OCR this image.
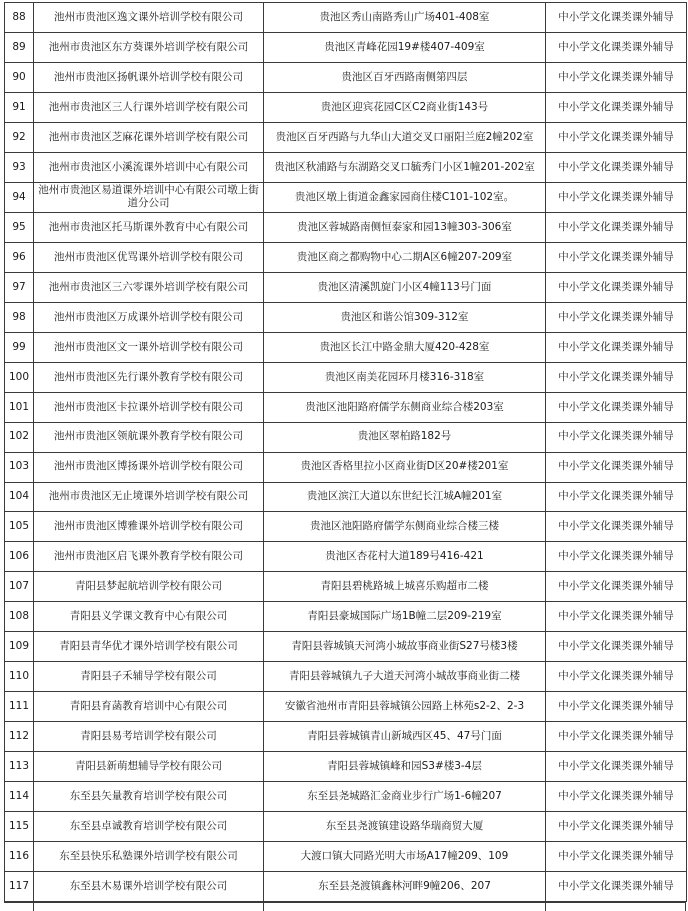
88	池州市贵池区逸文课外培训学校有限公司	贵池区秀山南路秀山广场401-408室	中小学文化课类课外辅导
89	池州市贵池区东方葵课外培训学校有限公司	贵池区青峰花园19#楼407-409室	中小学文化课类课外辅导
90	池州市贵池区扬帆课外培训学校有限公司	贵池区百牙西路南侧第四层	中小学文化课类课外辅导
91	池州市贵池区三人行课外培训学校有限公司	贵池区迎宾花园C区C2商业街143号	中小学文化课类课外辅导
92	池州市贵池区芝麻花课外培训学校有限公司	贵池区百牙西路与九华山大道交叉口丽阳兰庭2幢202室	中小学文化课类课外辅导
93	池州市贵池区小溪流课外培训中心有限公司	贵池区秋浦路与东湖路交叉口毓秀门小区1幢201-202室	中小学文化课类课外辅导
94	池州市贵池区易道课外培训中心有限公司墩上街道分公司	贵池区墩上街道金鑫家园商住楼C101-102室。	中小学文化课类课外辅导
95	池州市贵池区托马斯课外教育中心有限公司	贵池区蓉城路南侧恒泰家和园13幢303-306室	中小学文化课类课外辅导
96	池州市贵池区优骂课外培训学校有限公司	贵池区商之都购物中心二期A区6幢207-209室	中小学文化课类课外辅导
97	池州市贵池区三六零课外培训学校有限公司	贵池区清溪凯旋门小区4幢113号门面	中小学文化课类课外辅导
98	池州市贵池区万成课外培训学校有限公司	贵池区和谐公馆309-312室	中小学文化课类课外辅导
99	池州市贵池区文一课外培训学校有限公司	贵池区长江中路金鼎大厦420-428室	中小学文化课类课外辅导
100	池州市贵池区先行课外教育学校有限公司	贵池区南美花园环月楼316-318室	中小学文化课类课外辅导
101	池州市贵池区卡拉课外培训学校有限公司	贵池区池阳路府儒学东侧商业综合楼203室	中小学文化课类课外辅导
102	池州市贵池区领航课外教育学校有限公司	贵池区翠柏路182号	中小学文化课类课外辅导
103	池州市贵池区博扬课外培训学校有限公司	贵池区香格里拉小区商业街D区20#楼201室	中小学文化课类课外辅导
104	池州市贵池区无止境课外培训学校有限公司	贵池区滨江大道以东世纪长江城A幢201室	中小学文化课类课外辅导
105	池州市贵池区博雅课外培训学校有限公司	贵池区池阳路府儒学东侧商业综合楼三楼	中小学文化课类课外辅导
106	池州市贵池区启飞课外教育学校有限公司	贵池区杏花村大道189号416-421	中小学文化课类课外辅导
107	青阳县梦起航培训学校有限公司	青阳县碧桃路城上城喜乐购超市二楼	中小学文化课类课外辅导
108	青阳县义学课文教育中心有限公司	青阳县豪城国际广场1B幢二层209-219室	中小学文化课类课外辅导
109	青阳县青华优才课外培训学校有限公司	青阳县蓉城镇天河湾小城故事商业街S27号楼3楼	中小学文化课类课外辅导
110	青阳县子禾辅导学校有限公司	青阳县蓉城镇九子大道天河湾小城故事商业街二楼	中小学文化课类课外辅导
111	青阳县育菡教育培训中心有限公司	安徽省池州市青阳县蓉城镇公园路上林苑s2-2、2-3	中小学文化课类课外辅导
112	青阳县易考培训学校有限公司	青阳县蓉城镇青山新城西区45、47号门面	中小学文化课类课外辅导
113	青阳县新萌想辅导学校有限公司	青阳县蓉城镇峰和园S3#楼3-4层	中小学文化课类课外辅导
114	东至县矢量教育培训学校有限公司	东至县尧城路汇金商业步行广场1-6幢207	中小学文化课类课外辅导
115	东至县卓诚教育培训学校有限公司	东至县尧渡镇建设路华瑞商贸大厦	中小学文化课类课外辅导
116	东至县快乐私塾课外培训学校有限公司	大渡口镇大同路光明大市场A17幢209、109	中小学文化课类课外辅导
117	东至县木易课外培训学校有限公司	东至县尧渡镇鑫林河畔9幢206、207	中小学文化课类课外辅导
